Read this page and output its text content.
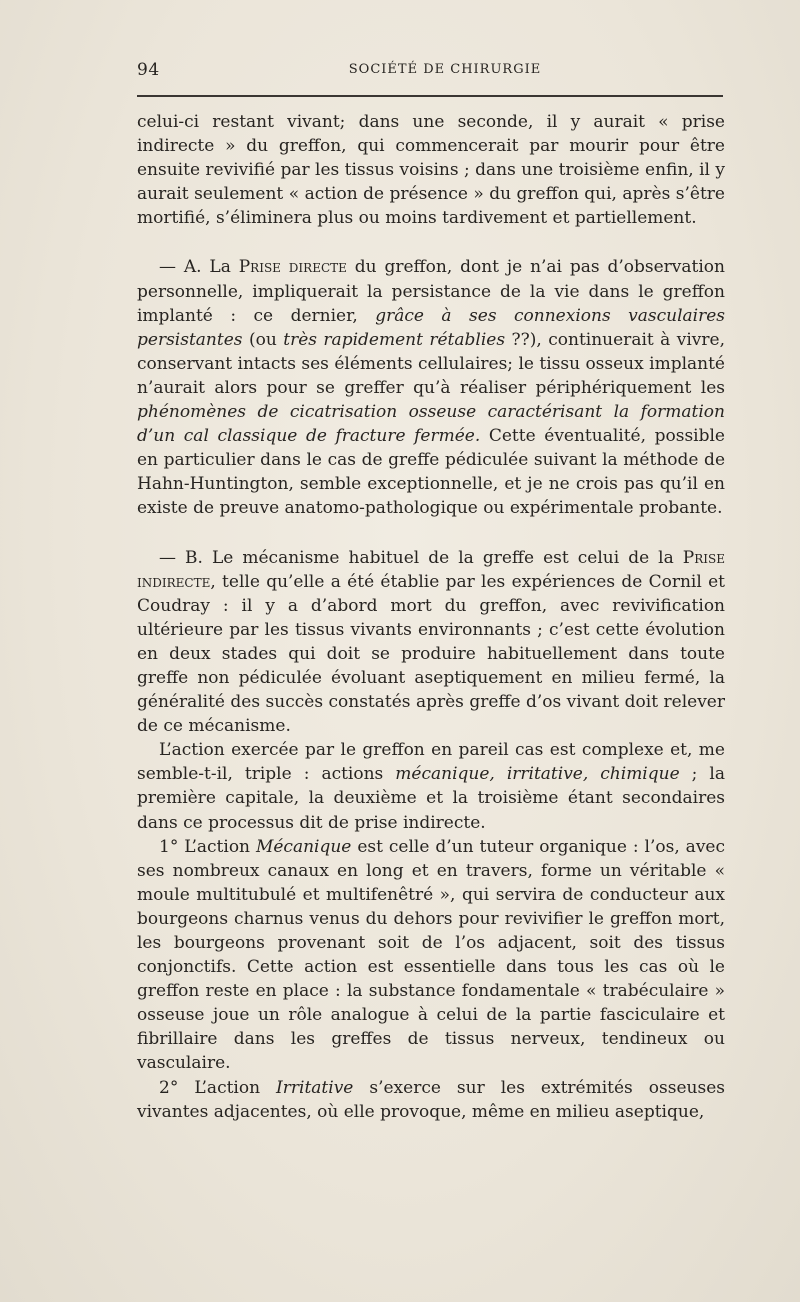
94	SOCIÉTÉ DE CHIRURGIE

celui-ci restant vivant; dans une seconde, il y aurait « prise indirecte » du greffon, qui commencerait par mourir pour être ensuite revivifié par les tissus voisins ; dans une troisième enfin, il y aurait seulement « action de présence » du greffon qui, après s’être mortifié, s’éliminera plus ou moins tardivement et partiellement.

— A. La Prise directe du greffon, dont je n’ai pas d’observation personnelle, impliquerait la persistance de la vie dans le greffon implanté : ce dernier, grâce à ses connexions vasculaires persistantes (ou très rapidement rétablies ??), continuerait à vivre, conservant intacts ses éléments cellulaires; le tissu osseux implanté n’aurait alors pour se greffer qu’à réaliser périphériquement les phénomènes de cicatrisation osseuse caractérisant la formation d’un cal classique de fracture fermée. Cette éventualité, possible en particulier dans le cas de greffe pédiculée suivant la méthode de Hahn-Huntington, semble exceptionnelle, et je ne crois pas qu’il en existe de preuve anatomo-pathologique ou expérimentale probante.

— B. Le mécanisme habituel de la greffe est celui de la Prise indirecte, telle qu’elle a été établie par les expériences de Cornil et Coudray : il y a d’abord mort du greffon, avec revivification ultérieure par les tissus vivants environnants ; c’est cette évolution en deux stades qui doit se produire habituellement dans toute greffe non pédiculée évoluant aseptiquement en milieu fermé, la généralité des succès constatés après greffe d’os vivant doit relever de ce mécanisme.

L’action exercée par le greffon en pareil cas est complexe et, me semble-t-il, triple : actions mécanique, irritative, chimique ; la première capitale, la deuxième et la troisième étant secondaires dans ce processus dit de prise indirecte.

1° L’action Mécanique est celle d’un tuteur organique : l’os, avec ses nombreux canaux en long et en travers, forme un véritable « moule multitubulé et multifenêtré », qui servira de conducteur aux bourgeons charnus venus du dehors pour revivifier le greffon mort, les bourgeons provenant soit de l’os adjacent, soit des tissus conjonctifs. Cette action est essentielle dans tous les cas où le greffon reste en place : la substance fondamentale « trabéculaire » osseuse joue un rôle analogue à celui de la partie fasciculaire et fibrillaire dans les greffes de tissus nerveux, tendineux ou vasculaire.

2° L’action Irritative s’exerce sur les extrémités osseuses vivantes adjacentes, où elle provoque, même en milieu aseptique,
